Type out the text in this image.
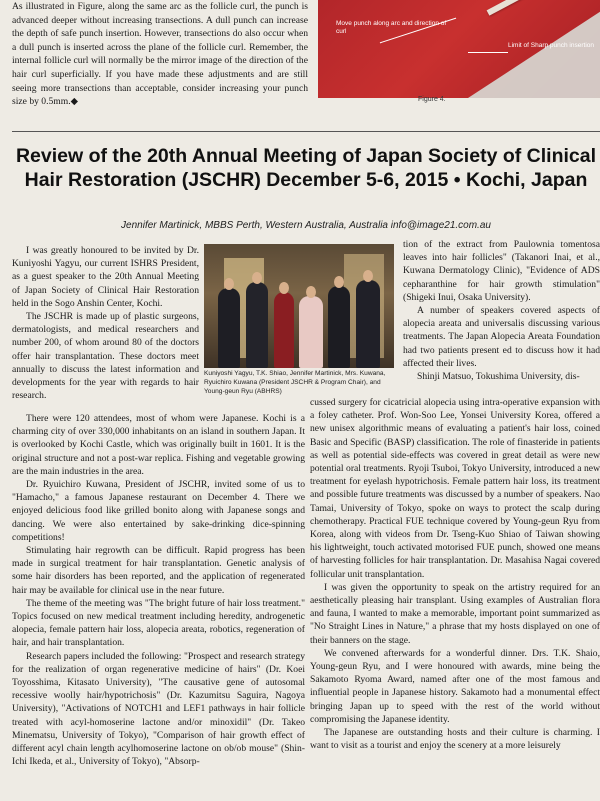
As illustrated in Figure, along the same arc as the follicle curl, the punch is advanced deeper without increasing transections. A dull punch can increase the depth of safe punch insertion. However, transections do also occur when a dull punch is inserted across the plane of the follicle curl. Remember, the internal follicle curl will normally be the mirror image of the direction of the hair curl superficially. If you have made these adjustments and are still seeing more transections than acceptable, consider increasing your punch size by 0.5mm.◆
Move punch along arc and direction of curl
Limit of Sharp punch insertion
Figure 4.
Review of the 20th Annual Meeting of Japan Society of Clinical Hair Restoration (JSCHR) December 5-6, 2015 • Kochi, Japan
Jennifer Martinick, MBBS Perth, Western Australia, Australia info@image21.com.au

I was greatly honoured to be invited by Dr. Kuniyoshi Yagyu, our current ISHRS President, as a guest speaker to the 20th Annual Meeting of Japan Society of Clinical Hair Restoration held in the Sogo Anshin Center, Kochi.

The JSCHR is made up of plastic surgeons, dermatologists, and medical researchers and number 200, of whom around 80 of the doctors offer hair transplantation. These doctors meet annually to discuss the latest information and developments for the year with regards to hair research.

Kuniyoshi Yagyu, T.K. Shiao, Jennifer Martinick, Mrs. Kuwana, Ryuichiro Kuwana (President JSCHR & Program Chair), and Young-geun Ryu (ABHRS)

There were 120 attendees, most of whom were Japanese. Kochi is a charming city of over 330,000 inhabitants on an island in southern Japan. It is overlooked by Kochi Castle, which was originally built in 1601. It is the original structure and not a post-war replica. Fishing and vegetable growing are the main industries in the area.

Dr. Ryuichiro Kuwana, President of JSCHR, invited some of us to "Hamacho," a famous Japanese restaurant on December 4. There we enjoyed delicious food like grilled bonito along with Japanese songs and dancing. We were also entertained by sake-drinking dice-spinning competitions!

Stimulating hair regrowth can be difficult. Rapid progress has been made in surgical treatment for hair transplantation. Genetic analysis of some hair disorders has been reported, and the application of regenerated hair may be available for clinical use in the near future.

The theme of the meeting was "The bright future of hair loss treatment." Topics focused on new medical treatment including heredity, androgenetic alopecia, female pattern hair loss, alopecia areata, robotics, regeneration of hair, and hair transplantation.

Research papers included the following: "Prospect and research strategy for the realization of organ regenerative medicine of hairs" (Dr. Koei Toyosshima, Kitasato University), "The causative gene of autosomal recessive woolly hair/hypotrichosis" (Dr. Kazumitsu Saguira, Nagoya University), "Activations of NOTCH1 and LEF1 pathways in hair follicle treated with acyl-homoserine lactone and/or minoxidil" (Dr. Takeo Minematsu, University of Tokyo), "Comparison of hair growth effect of different acyl chain length acylhomoserine lactone on ob/ob mouse" (Shin-Ichi Ikeda, et al., University of Tokyo), "Absorp-

tion of the extract from Paulownia tomentosa leaves into hair follicles" (Takanori Inai, et al., Kuwana Dermatology Clinic), "Evidence of ADS cepharanthine for hair growth stimulation" (Shigeki Inui, Osaka University).

A number of speakers covered aspects of alopecia areata and universalis discussing various treatments. The Japan Alopecia Areata Foundation had two patients present ed to discuss how it had affected their lives.

Shinji Matsuo, Tokushima University, dis-

cussed surgery for cicatricial alopecia using intra-operative expansion with a foley catheter. Prof. Won-Soo Lee, Yonsei University Korea, offered a new unisex algorithmic means of evaluating a patient's hair loss, coined Basic and Specific (BASP) classification. The role of finasteride in patients as well as potential side-effects was covered in great detail as were new potential oral treatments. Ryoji Tsuboi, Tokyo University, introduced a new treatment for eyelash hypotrichosis. Female pattern hair loss, its treatment and possible future treatments was discussed by a number of speakers. Nao Tamai, University of Tokyo, spoke on ways to protect the scalp during chemotherapy. Practical FUE technique covered by Young-geun Ryu from Korea, along with videos from Dr. Tseng-Kuo Shiao of Taiwan showing his lightweight, touch activated motorised FUE punch, showed one means of harvesting follicles for hair transplantation. Dr. Masahisa Nagai covered follicular unit transplantation.

I was given the opportunity to speak on the artistry required for an aesthetically pleasing hair transplant. Using examples of Australian flora and fauna, I wanted to make a memorable, important point summarized as "No Straight Lines in Nature," a phrase that my hosts displayed on one of their banners on the stage.

We convened afterwards for a wonderful dinner. Drs. T.K. Shaio, Young-geun Ryu, and I were honoured with awards, mine being the Sakamoto Ryoma Award, named after one of the most famous and influential people in Japanese history. Sakamoto had a monumental effect bringing Japan up to speed with the rest of the world without compromising the Japanese identity.

The Japanese are outstanding hosts and their culture is charming. I want to visit as a tourist and enjoy the scenery at a more leisurely
